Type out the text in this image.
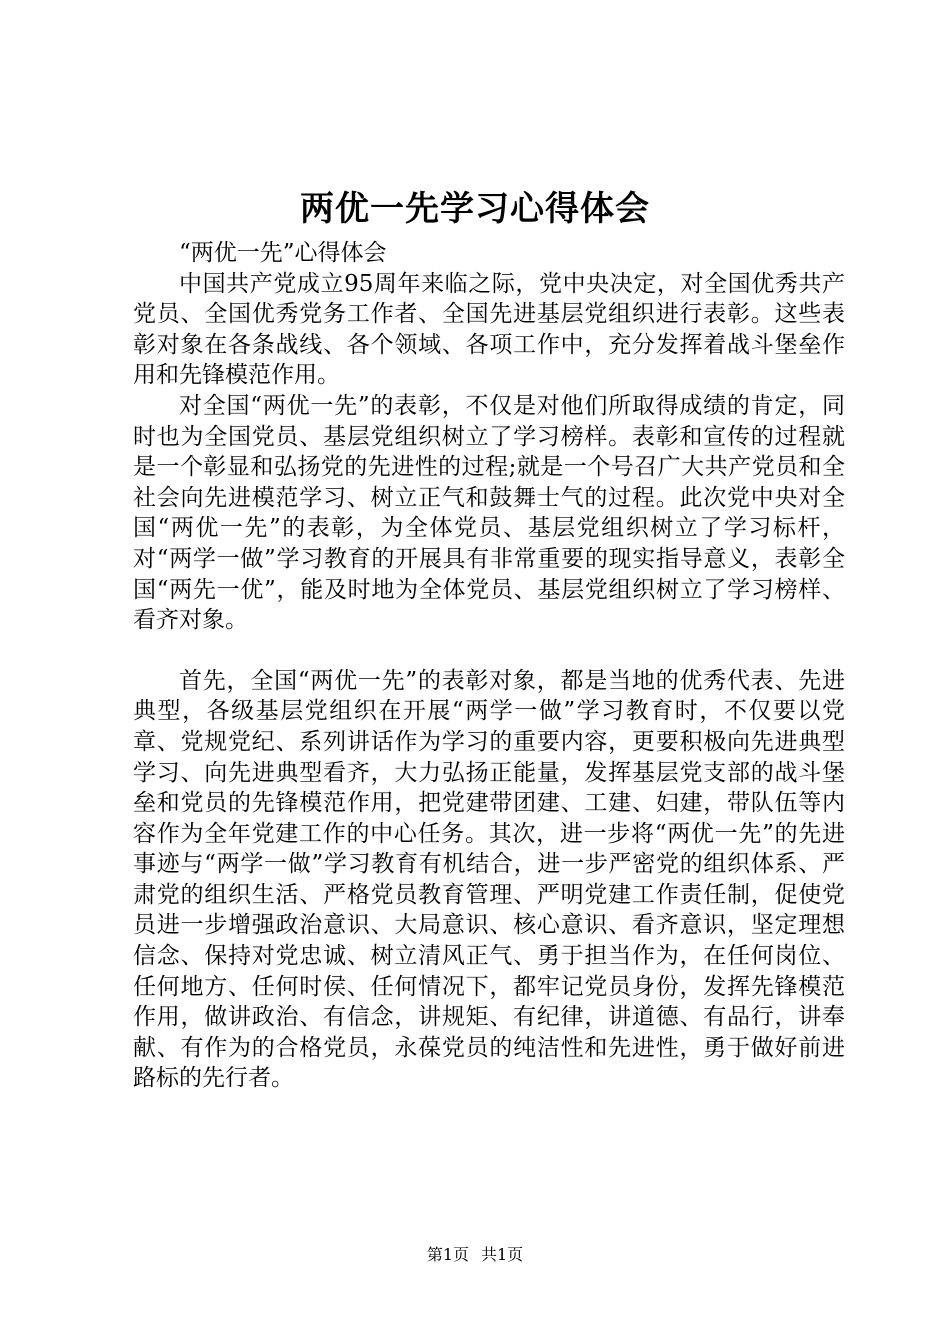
两优一先学习心得体会

“两优一先”心得体会

中国共产党成立95周年来临之际，党中央决定，对全国优秀共产党员、全国优秀党务工作者、全国先进基层党组织进行表彰。这些表彰对象在各条战线、各个领域、各项工作中，充分发挥着战斗堡垒作用和先锋模范作用。

对全国“两优一先”的表彰，不仅是对他们所取得成绩的肯定，同时也为全国党员、基层党组织树立了学习榜样。表彰和宣传的过程就是一个彰显和弘扬党的先进性的过程;就是一个号召广大共产党员和全社会向先进模范学习、树立正气和鼓舞士气的过程。此次党中央对全国“两优一先”的表彰，为全体党员、基层党组织树立了学习标杆，对“两学一做”学习教育的开展具有非常重要的现实指导意义，表彰全国“两先一优”，能及时地为全体党员、基层党组织树立了学习榜样、看齐对象。

首先，全国“两优一先”的表彰对象，都是当地的优秀代表、先进典型，各级基层党组织在开展“两学一做”学习教育时，不仅要以党章、党规党纪、系列讲话作为学习的重要内容，更要积极向先进典型学习、向先进典型看齐，大力弘扬正能量，发挥基层党支部的战斗堡垒和党员的先锋模范作用，把党建带团建、工建、妇建，带队伍等内容作为全年党建工作的中心任务。其次，进一步将“两优一先”的先进事迹与“两学一做”学习教育有机结合，进一步严密党的组织体系、严肃党的组织生活、严格党员教育管理、严明党建工作责任制，促使党员进一步增强政治意识、大局意识、核心意识、看齐意识，坚定理想信念、保持对党忠诚、树立清风正气、勇于担当作为，在任何岗位、任何地方、任何时侯、任何情况下，都牢记党员身份，发挥先锋模范作用，做讲政治、有信念，讲规矩、有纪律，讲道德、有品行，讲奉献、有作为的合格党员，永葆党员的纯洁性和先进性，勇于做好前进路标的先行者。

第1页 共1页
